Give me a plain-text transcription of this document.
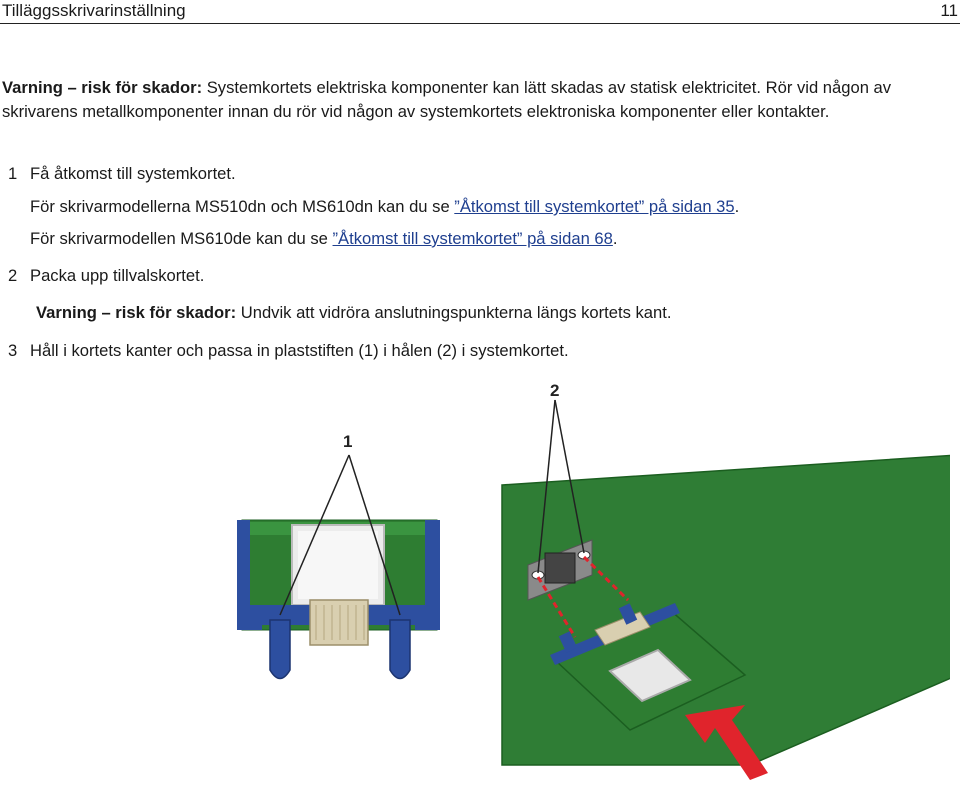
Tilläggsskrivarinställning	11
Varning – risk för skador: Systemkortets elektriska komponenter kan lätt skadas av statisk elektricitet. Rör vid någon av skrivarens metallkomponenter innan du rör vid någon av systemkortets elektroniska komponenter eller kontakter.
1 Få åtkomst till systemkortet.
För skrivarmodellerna MS510dn och MS610dn kan du se ”Åtkomst till systemkortet” på sidan 35.
För skrivarmodellen MS610de kan du se ”Åtkomst till systemkortet” på sidan 68.
2 Packa upp tillvalskortet.
Varning – risk för skador: Undvik att vidröra anslutningspunkterna längs kortets kant.
3 Håll i kortets kanter och passa in plaststiften (1) i hålen (2) i systemkortet.
1
2
